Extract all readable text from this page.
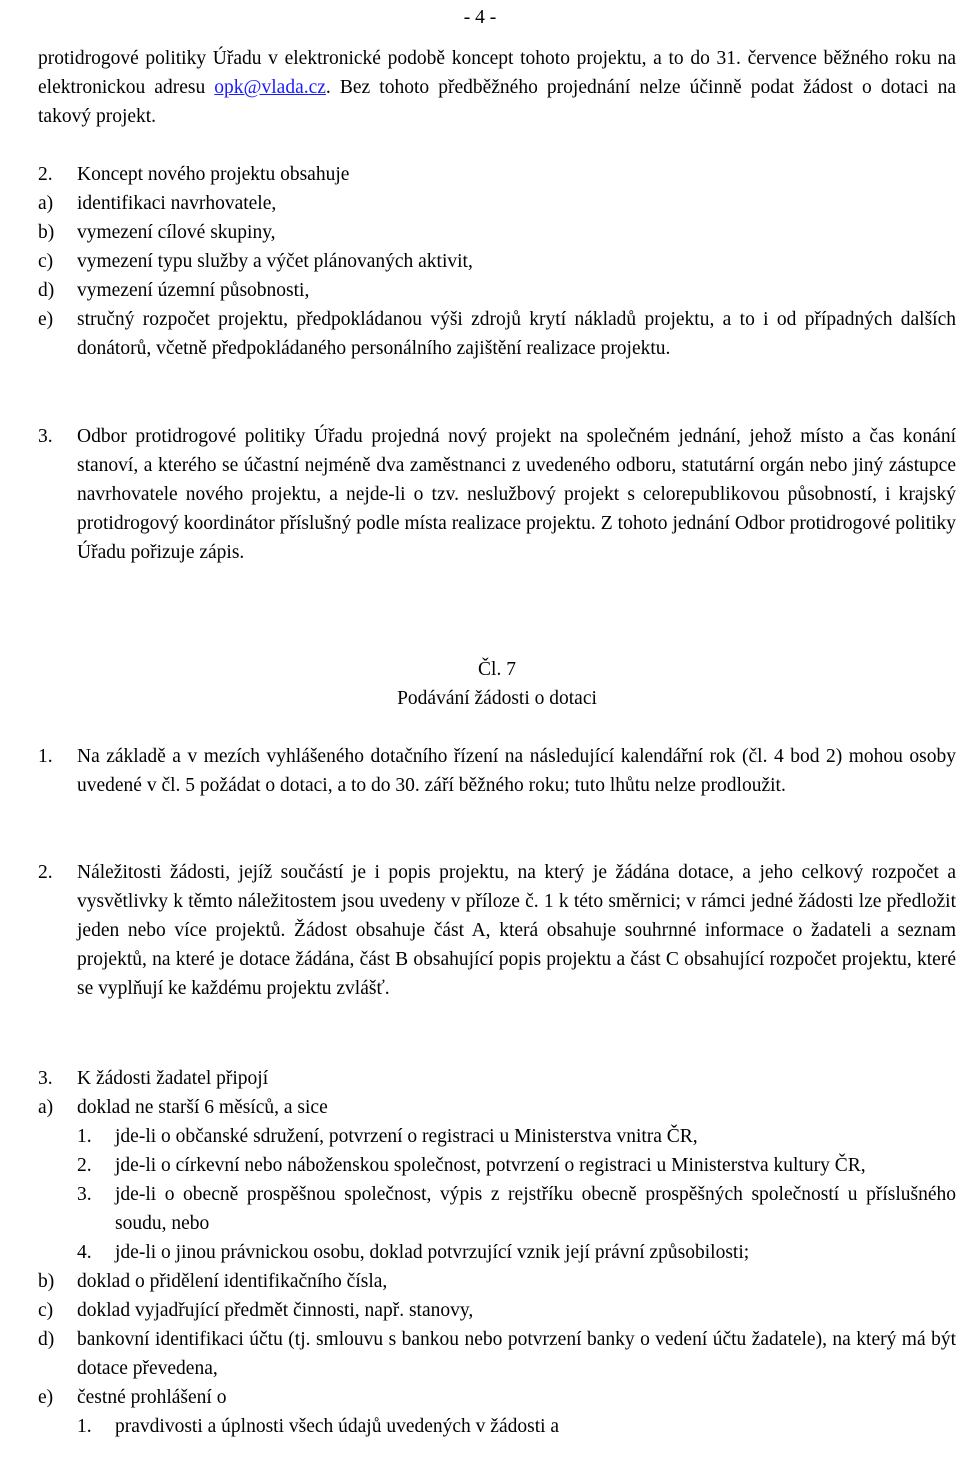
- 4 -
protidrogové politiky Úřadu v elektronické podobě koncept tohoto projektu, a to do 31. července běžného roku na elektronickou adresu opk@vlada.cz. Bez tohoto předběžného projednání nelze účinně podat žádost o dotaci na takový projekt.
2.	Koncept nového projektu obsahuje
a)	identifikaci navrhovatele,
b)	vymezení cílové skupiny,
c)	vymezení typu služby a výčet plánovaných aktivit,
d)	vymezení územní působnosti,
e)	stručný rozpočet projektu, předpokládanou výši zdrojů krytí nákladů projektu, a to i od případných dalších donátorů, včetně předpokládaného personálního zajištění realizace projektu.
3.	Odbor protidrogové politiky Úřadu projedná nový projekt na společném jednání, jehož místo a čas konání stanoví, a kterého se účastní nejméně dva zaměstnanci z uvedeného odboru, statutární orgán nebo jiný zástupce navrhovatele nového projektu, a nejde-li o tzv. neslužbový projekt s celorepublikovou působností, i krajský protidrogový koordinátor příslušný podle místa realizace projektu. Z tohoto jednání Odbor protidrogové politiky Úřadu pořizuje zápis.
Čl. 7
Podávání žádosti o dotaci
1.	Na základě a v mezích vyhlášeného dotačního řízení na následující kalendářní rok (čl. 4 bod 2) mohou osoby uvedené v čl. 5 požádat o dotaci, a to do 30. září běžného roku; tuto lhůtu nelze prodloužit.
2.	Náležitosti žádosti, jejíž součástí je i popis projektu, na který je žádána dotace, a jeho celkový rozpočet a vysvětlivky k těmto náležitostem jsou uvedeny v příloze č. 1 k této směrnici; v rámci jedné žádosti lze předložit jeden nebo více projektů. Žádost obsahuje část A, která obsahuje souhrnné informace o žadateli a seznam projektů, na které je dotace žádána, část B obsahující popis projektu a část C obsahující rozpočet projektu, které se vyplňují ke každému projektu zvlášť.
3.	K žádosti žadatel připojí
a)	doklad ne starší 6 měsíců, a sice
1.	jde-li o občanské sdružení, potvrzení o registraci u Ministerstva vnitra ČR,
2.	jde-li o církevní nebo náboženskou společnost, potvrzení o registraci u Ministerstva kultury ČR,
3.	jde-li o obecně prospěšnou společnost, výpis z rejstříku obecně prospěšných společností u příslušného soudu, nebo
4.	jde-li o jinou právnickou osobu, doklad potvrzující vznik její právní způsobilosti;
b)	doklad o přidělení identifikačního čísla,
c)	doklad vyjadřující předmět činnosti, např. stanovy,
d)	bankovní identifikaci účtu (tj. smlouvu s bankou nebo potvrzení banky o vedení účtu žadatele), na který má být dotace převedena,
e)	čestné prohlášení o
1.	pravdivosti a úplnosti všech údajů uvedených v žádosti a
